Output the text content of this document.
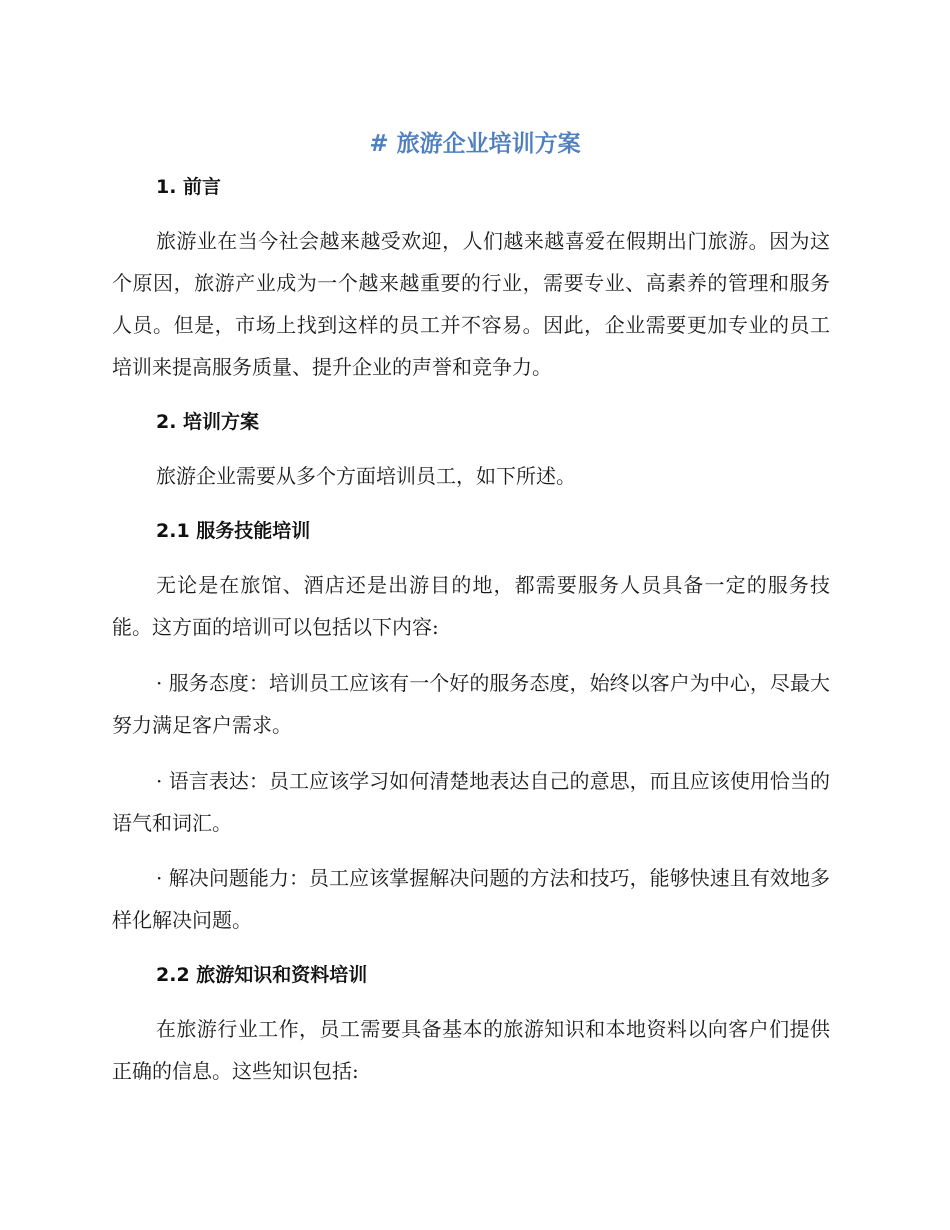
# 旅游企业培训方案
1. 前言

旅游业在当今社会越来越受欢迎，人们越来越喜爱在假期出门旅游。因为这个原因，旅游产业成为一个越来越重要的行业，需要专业、高素养的管理和服务人员。但是，市场上找到这样的员工并不容易。因此，企业需要更加专业的员工培训来提高服务质量、提升企业的声誉和竞争力。

2. 培训方案

旅游企业需要从多个方面培训员工，如下所述。

2.1 服务技能培训

无论是在旅馆、酒店还是出游目的地，都需要服务人员具备一定的服务技能。这方面的培训可以包括以下内容:

· 服务态度：培训员工应该有一个好的服务态度，始终以客户为中心，尽最大努力满足客户需求。

· 语言表达：员工应该学习如何清楚地表达自己的意思，而且应该使用恰当的语气和词汇。

· 解决问题能力：员工应该掌握解决问题的方法和技巧，能够快速且有效地多样化解决问题。

2.2 旅游知识和资料培训

在旅游行业工作，员工需要具备基本的旅游知识和本地资料以向客户们提供正确的信息。这些知识包括:
